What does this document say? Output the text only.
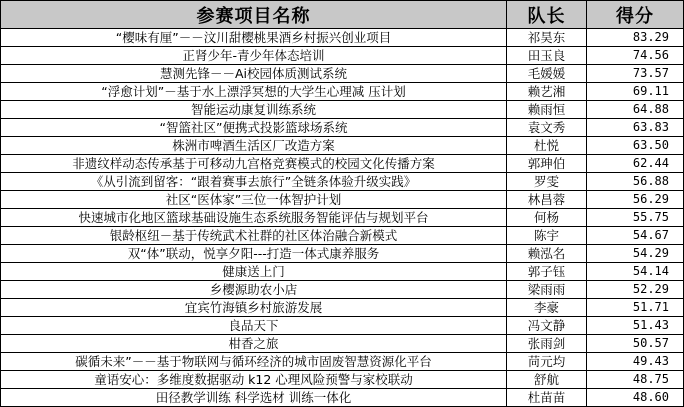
参赛项目名称	队长	得分
“樱味有厘”－－汶川甜樱桃果酒乡村振兴创业项目	祁昊东	83.29
正肾少年-青少年体态培训	田玉良	74.56
慧测先锋－－Ai校园体质测试系统	毛媛媛	73.57
“浮愈计划”－基于水上漂浮冥想的大学生心理减 压计划	赖艺湘	69.11
智能运动康复训练系统	赖雨恒	64.88
“智篮社区”便携式投影篮球场系统	袁文秀	63.83
株洲市啤酒生活区厂改造方案	杜悦	63.50
非遗纹样动态传承基于可移动九宫格竞赛模式的校园文化传播方案	郭珅伯	62.44
《从引流到留客：“跟着赛事去旅行”全链条体验升级实践》	罗雯	56.88
社区“医体家”三位一体智护计划	林昌蓉	56.29
快速城市化地区篮球基础设施生态系统服务智能评估与规划平台	何杨	55.75
银龄枢纽－基于传统武术社群的社区体治融合新模式	陈宇	54.67
双“体”联动，悦享夕阳---打造一体式康养服务	赖泓名	54.29
健康送上门	郭子钰	54.14
乡樱源助农小店	梁雨雨	52.29
宜宾竹海镇乡村旅游发展	李豪	51.71
良品天下	冯文静	51.43
柑香之旅	张雨剑	50.57
碳循未来”－－基于物联网与循环经济的城市固废智慧资源化平台	苘元均	49.43
童语安心：多维度数据驱动 k12 心理风险预警与家校联动	舒航	48.75
田径教学训练 科学选材 训练一体化	杜苗苗	48.60
